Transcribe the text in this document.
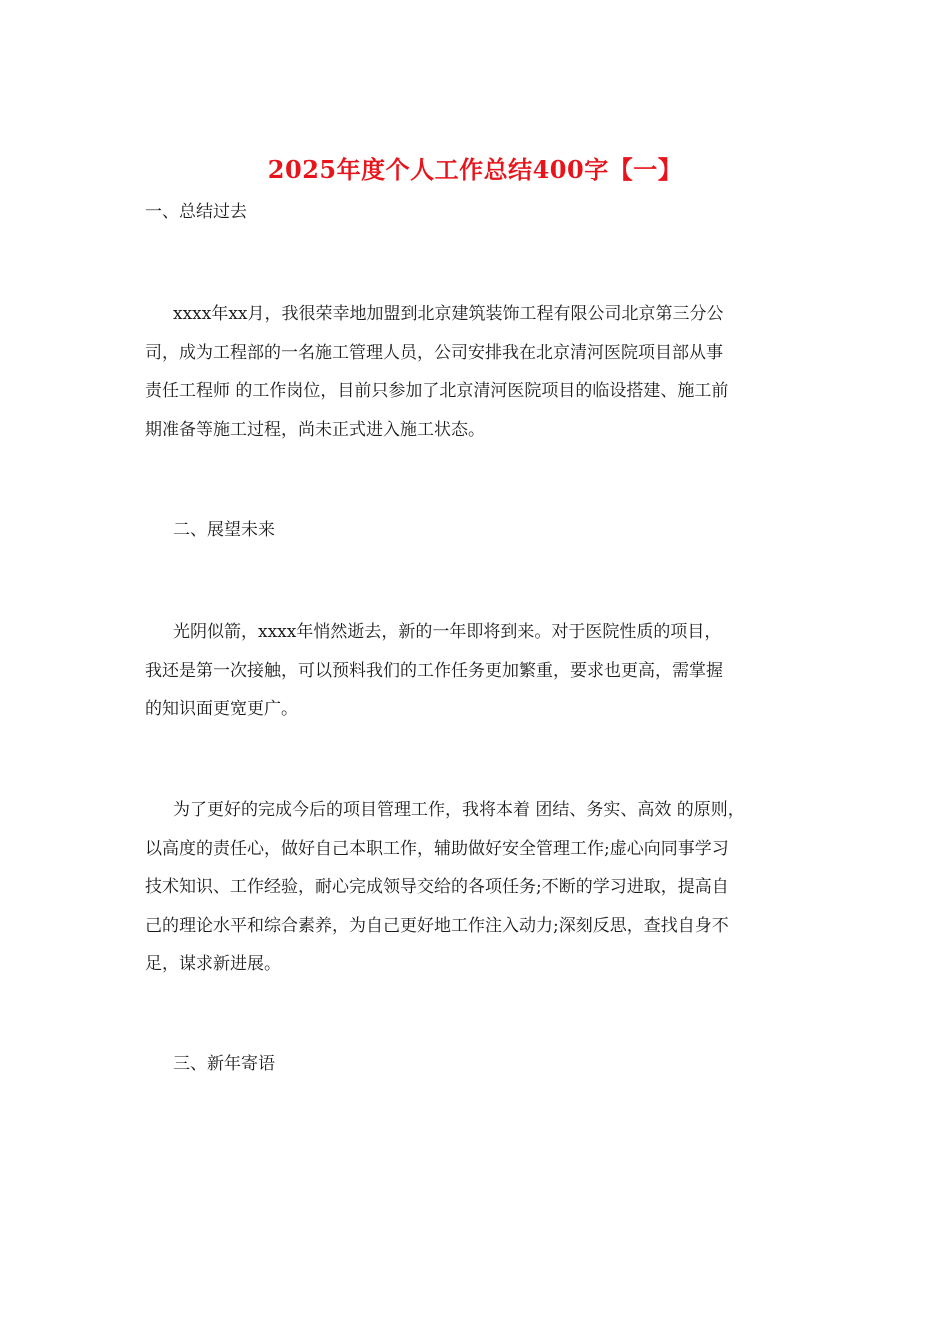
2025年度个人工作总结400字【一】
一、总结过去
xxxx年xx月，我很荣幸地加盟到北京建筑装饰工程有限公司北京第三分公
司，成为工程部的一名施工管理人员，公司安排我在北京清河医院项目部从事
责任工程师 的工作岗位，目前只参加了北京清河医院项目的临设搭建、施工前
期准备等施工过程，尚未正式进入施工状态。
二、展望未来
光阴似箭，xxxx年悄然逝去，新的一年即将到来。对于医院性质的项目，
我还是第一次接触，可以预料我们的工作任务更加繁重，要求也更高，需掌握
的知识面更宽更广。
为了更好的完成今后的项目管理工作，我将本着 团结、务实、高效 的原则，
以高度的责任心，做好自己本职工作，辅助做好安全管理工作;虚心向同事学习
技术知识、工作经验，耐心完成领导交给的各项任务;不断的学习进取，提高自
己的理论水平和综合素养，为自己更好地工作注入动力;深刻反思，查找自身不
足，谋求新进展。
三、新年寄语
